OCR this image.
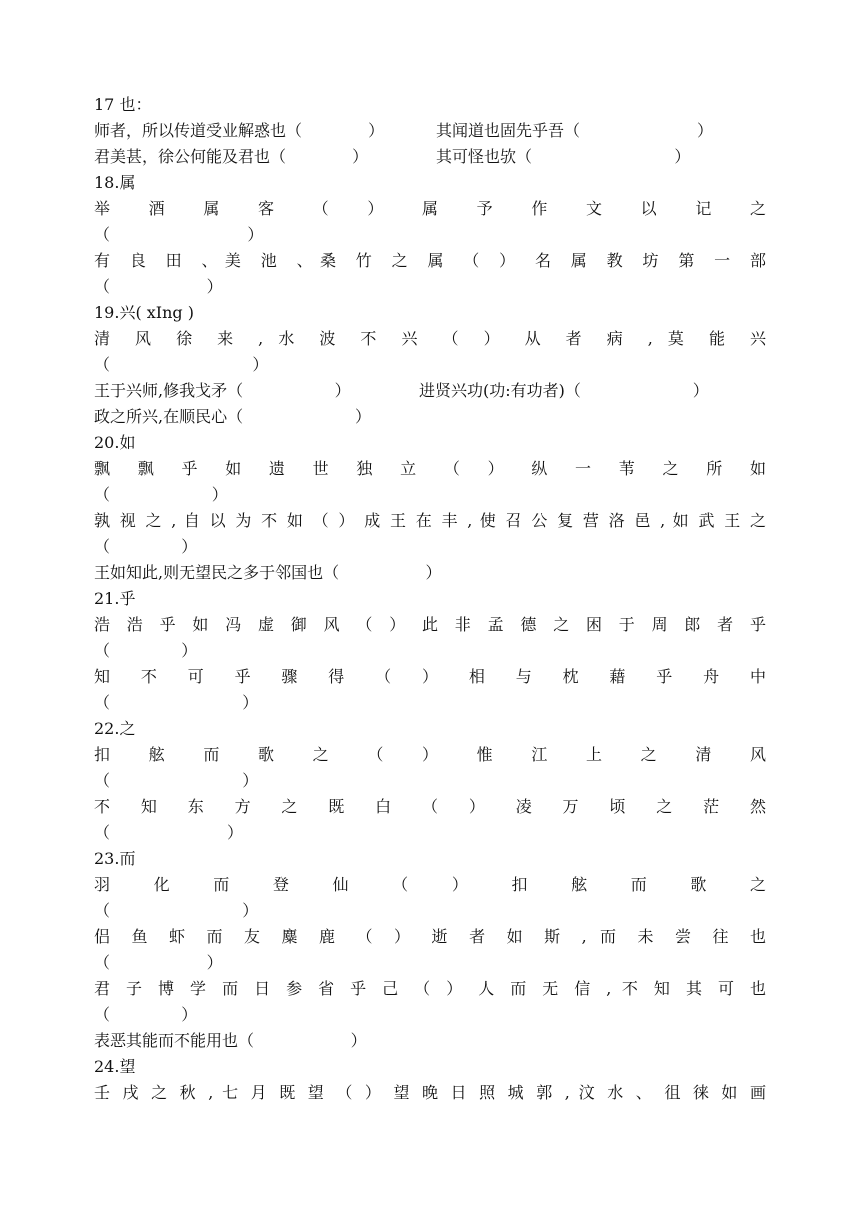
17 也：
师者，所以传道受业解惑也（             ）	其闻道也固先乎吾（                       ）
君美甚，徐公何能及君也（             ）	其可怪也欤（                            ）
18.属
举 酒 属 客 （ ） 属 予 作 文 以 记 之
（                           ）
有 良 田 、美 池 、桑 竹 之 属 （ ） 名 属 教 坊 第 一 部
（                   ）
19.兴( xIng )
清 风 徐 来 , 水 波 不 兴 （ ） 从 者 病 , 莫 能 兴
（                            ）
王于兴师,修我戈矛（                  ）	进贤兴功(功:有功者)（                      ）
政之所兴,在顺民心（                      ）
20.如
飘 飘 乎 如 遗 世 独 立 （ ） 纵 一 苇 之 所 如
（                    ）
孰 视 之 , 自 以 为 不 如 （ ） 成 王 在 丰 , 使 召 公 复 营 洛 邑 , 如 武 王 之
（              ）
王如知此,则无望民之多于邻国也（                 ）
21.乎
浩 浩 乎 如 冯 虚 御 风 （ ） 此 非 孟 德 之 困 于 周 郎 者 乎
（              ）
知 不 可 乎 骤 得 （ ） 相 与 枕 藉 乎 舟 中
（                          ）
22.之
扣 舷 而 歌 之 （ ） 惟 江 上 之 清 风
（                          ）
不 知 东 方 之 既 白 （ ） 凌 万 顷 之 茫 然
（                       ）
23.而
羽 化 而 登 仙 （ ） 扣 舷 而 歌 之
（                          ）
侣 鱼 虾 而 友 麋 鹿 （ ） 逝 者 如 斯 , 而 未 尝 往 也
（                   ）
君 子 博 学 而 日 参 省 乎 己 （ ） 人 而 无 信 , 不 知 其 可 也
（              ）
表恶其能而不能用也（                   ）
24.望
壬 戌 之 秋 , 七 月 既 望 （ ） 望 晚 日 照 城 郭 , 汶 水 、 徂 徕 如 画
